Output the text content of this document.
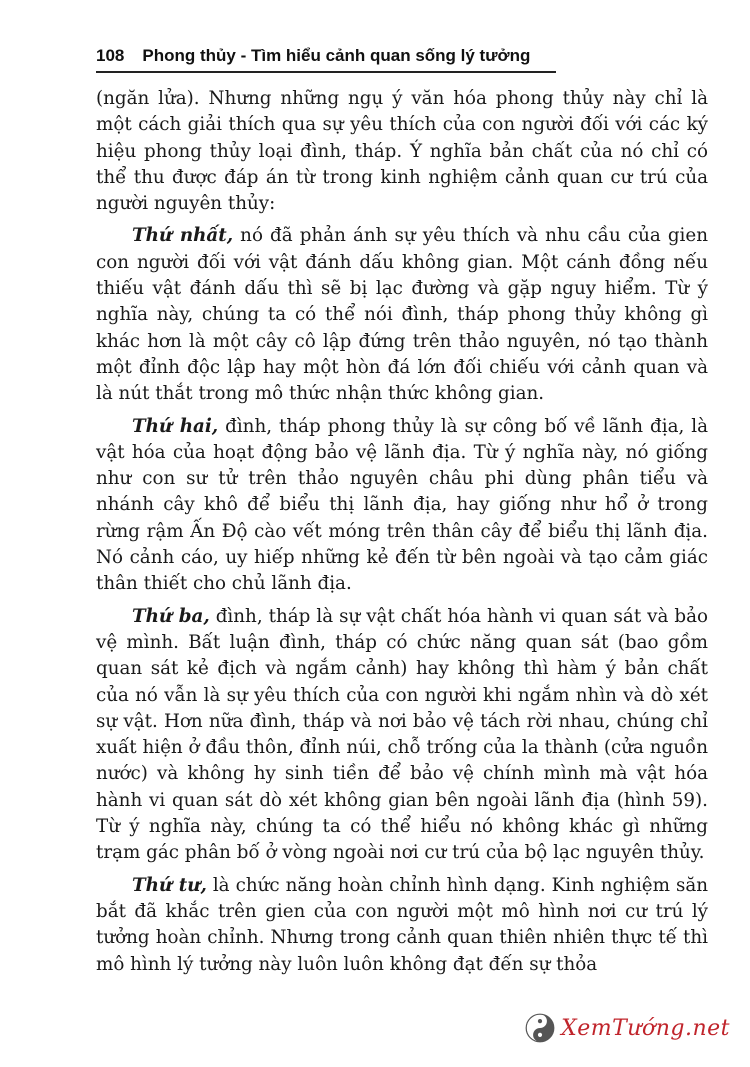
108 Phong thủy - Tìm hiểu cảnh quan sống lý tưởng

(ngăn lửa). Nhưng những ngụ ý văn hóa phong thủy này chỉ là một cách giải thích qua sự yêu thích của con người đối với các ký hiệu phong thủy loại đình, tháp. Ý nghĩa bản chất của nó chỉ có thể thu được đáp án từ trong kinh nghiệm cảnh quan cư trú của người nguyên thủy:

Thứ nhất, nó đã phản ánh sự yêu thích và nhu cầu của gien con người đối với vật đánh dấu không gian. Một cánh đồng nếu thiếu vật đánh dấu thì sẽ bị lạc đường và gặp nguy hiểm. Từ ý nghĩa này, chúng ta có thể nói đình, tháp phong thủy không gì khác hơn là một cây cô lập đứng trên thảo nguyên, nó tạo thành một đỉnh độc lập hay một hòn đá lớn đối chiếu với cảnh quan và là nút thắt trong mô thức nhận thức không gian.

Thứ hai, đình, tháp phong thủy là sự công bố về lãnh địa, là vật hóa của hoạt động bảo vệ lãnh địa. Từ ý nghĩa này, nó giống như con sư tử trên thảo nguyên châu phi dùng phân tiểu và nhánh cây khô để biểu thị lãnh địa, hay giống như hổ ở trong rừng rậm Ấn Độ cào vết móng trên thân cây để biểu thị lãnh địa. Nó cảnh cáo, uy hiếp những kẻ đến từ bên ngoài và tạo cảm giác thân thiết cho chủ lãnh địa.

Thứ ba, đình, tháp là sự vật chất hóa hành vi quan sát và bảo vệ mình. Bất luận đình, tháp có chức năng quan sát (bao gồm quan sát kẻ địch và ngắm cảnh) hay không thì hàm ý bản chất của nó vẫn là sự yêu thích của con người khi ngắm nhìn và dò xét sự vật. Hơn nữa đình, tháp và nơi bảo vệ tách rời nhau, chúng chỉ xuất hiện ở đầu thôn, đỉnh núi, chỗ trống của la thành (cửa nguồn nước) và không hy sinh tiền để bảo vệ chính mình mà vật hóa hành vi quan sát dò xét không gian bên ngoài lãnh địa (hình 59). Từ ý nghĩa này, chúng ta có thể hiểu nó không khác gì những trạm gác phân bố ở vòng ngoài nơi cư trú của bộ lạc nguyên thủy.

Thứ tư, là chức năng hoàn chỉnh hình dạng. Kinh nghiệm săn bắt đã khắc trên gien của con người một mô hình nơi cư trú lý tưởng hoàn chỉnh. Nhưng trong cảnh quan thiên nhiên thực tế thì mô hình lý tưởng này luôn luôn không đạt đến sự thỏa

XemTướng.net
